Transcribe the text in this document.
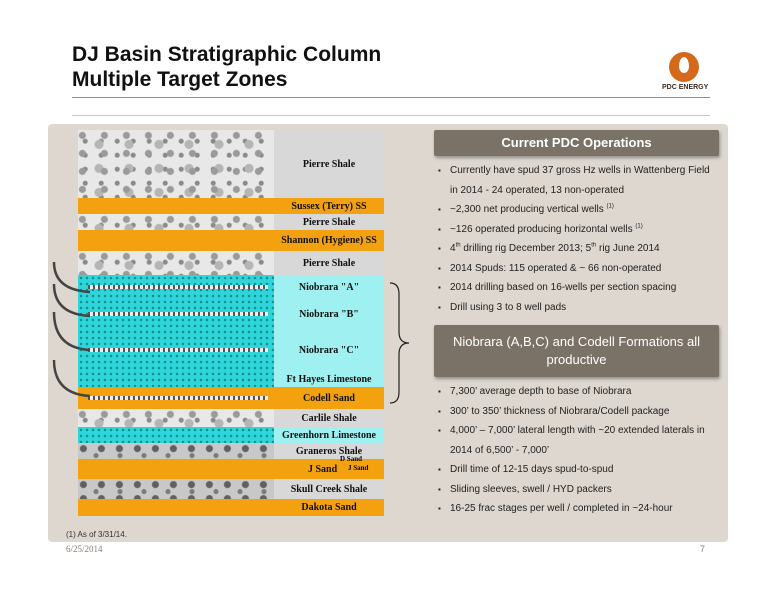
DJ Basin Stratigraphic Column
Multiple Target Zones	PDC ENERGY
Pierre Shale
Sussex (Terry) SS
Pierre Shale
Shannon (Hygiene) SS
Pierre Shale
Niobrara "A"
Niobrara "B"
Niobrara "C"
Ft Hayes Limestone
Codell Sand
Carlile Shale
Greenhorn Limestone
Graneros Shale
J Sand
Skull Creek Shale
Dakota Sand
D Sand
J Sand
Current PDC Operations
▪ Currently have spud 37 gross Hz wells in Wattenberg Field in 2014 - 24 operated, 13 non-operated
▪ ~2,300 net producing vertical wells $^{(1)}$
▪ ~126 operated producing horizontal wells $^{(1)}$
▪ 4th drilling rig December 2013; 5th rig June 2014
▪ 2014 Spuds: 115 operated & ~ 66 non-operated
▪ 2014 drilling based on 16-wells per section spacing
▪ Drill using 3 to 8 well pads
Niobrara (A,B,C) and Codell Formations all productive
▪ 7,300’ average depth to base of Niobrara
▪ 300’ to 350’ thickness of Niobrara/Codell package
▪ 4,000’ – 7,000’ lateral length with ~20 extended laterals in 2014 of 6,500’ - 7,000’
▪ Drill time of 12-15 days spud-to-spud
▪ Sliding sleeves, swell / HYD packers
▪ 16-25 frac stages per well / completed in ~24-hour
(1) As of 3/31/14.
6/25/2014	7
